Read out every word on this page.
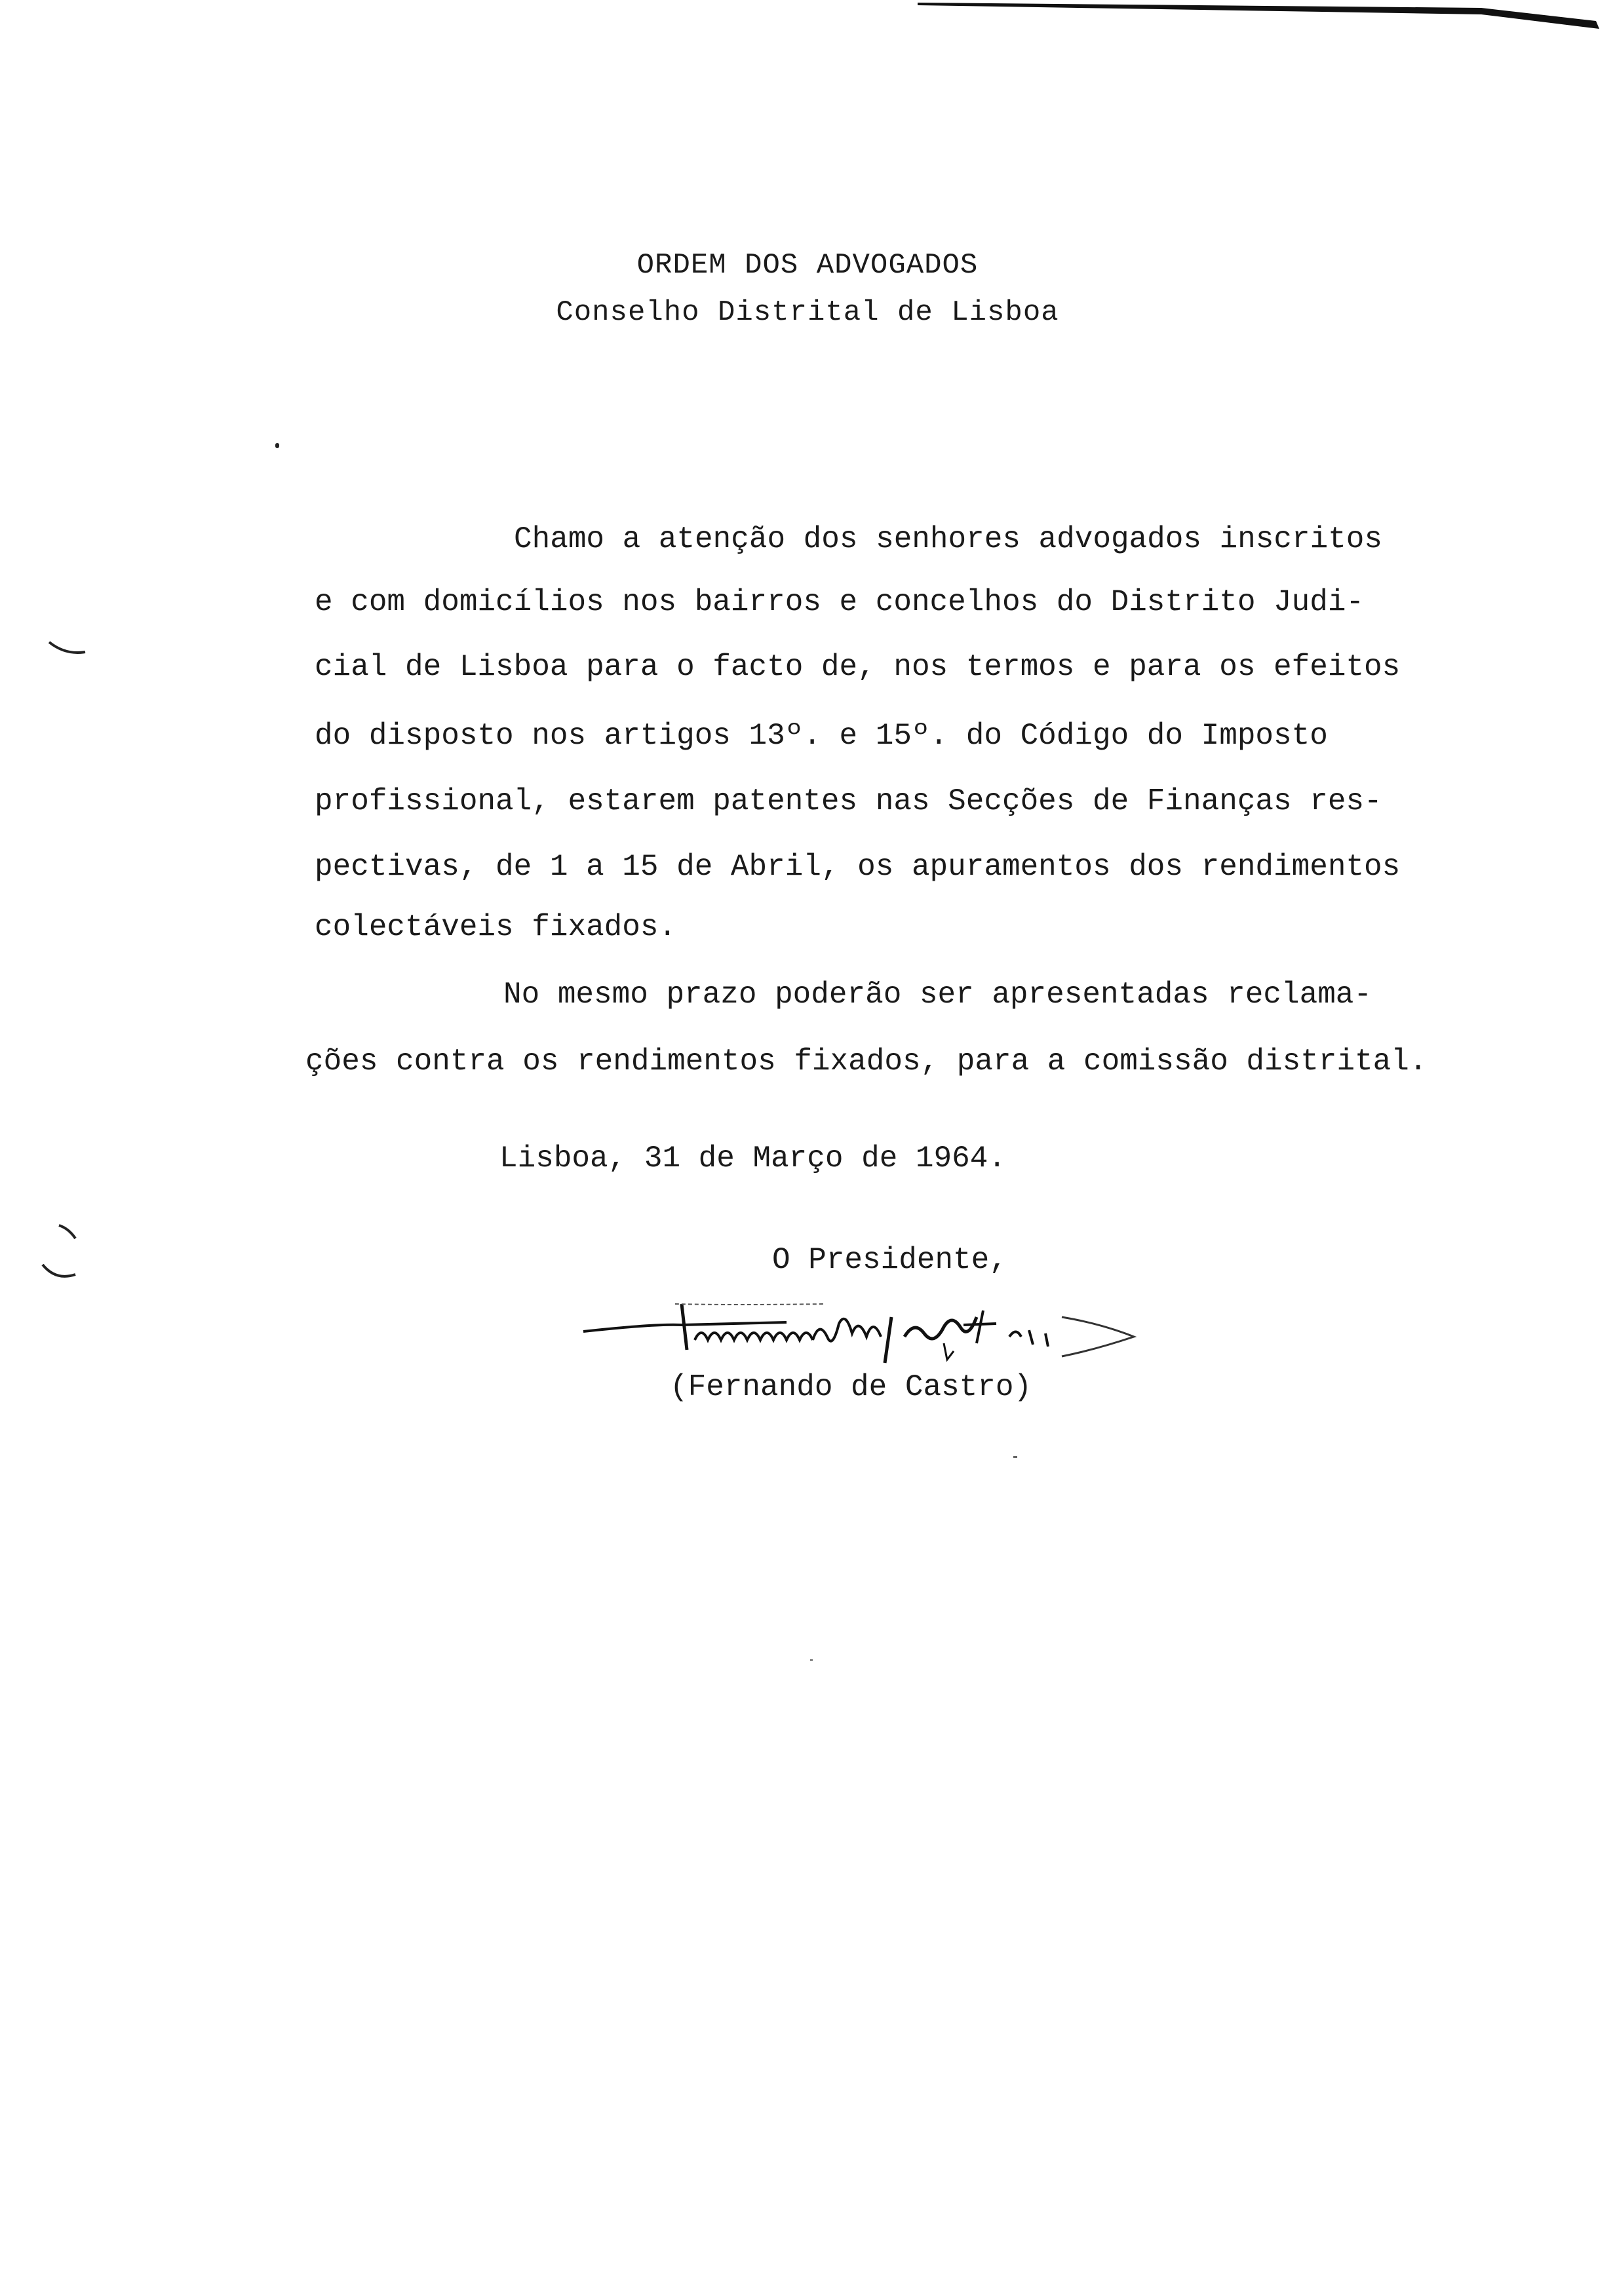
ORDEM DOS ADVOGADOS
Conselho Distrital de Lisboa
Chamo a atenção dos senhores advogados inscritos
e com domicílios nos bairros e concelhos do Distrito Judi-
cial de Lisboa para o facto de, nos termos e para os efeitos
do disposto nos artigos 13º. e 15º. do Código do Imposto
profissional, estarem patentes nas Secções de Finanças res-
pectivas, de 1 a 15 de Abril, os apuramentos dos rendimentos
colectáveis fixados.
No mesmo prazo poderão ser apresentadas reclama-
ções contra os rendimentos fixados, para a comissão distrital.
Lisboa, 31 de Março de 1964.
O Presidente,
(Fernando de Castro)
